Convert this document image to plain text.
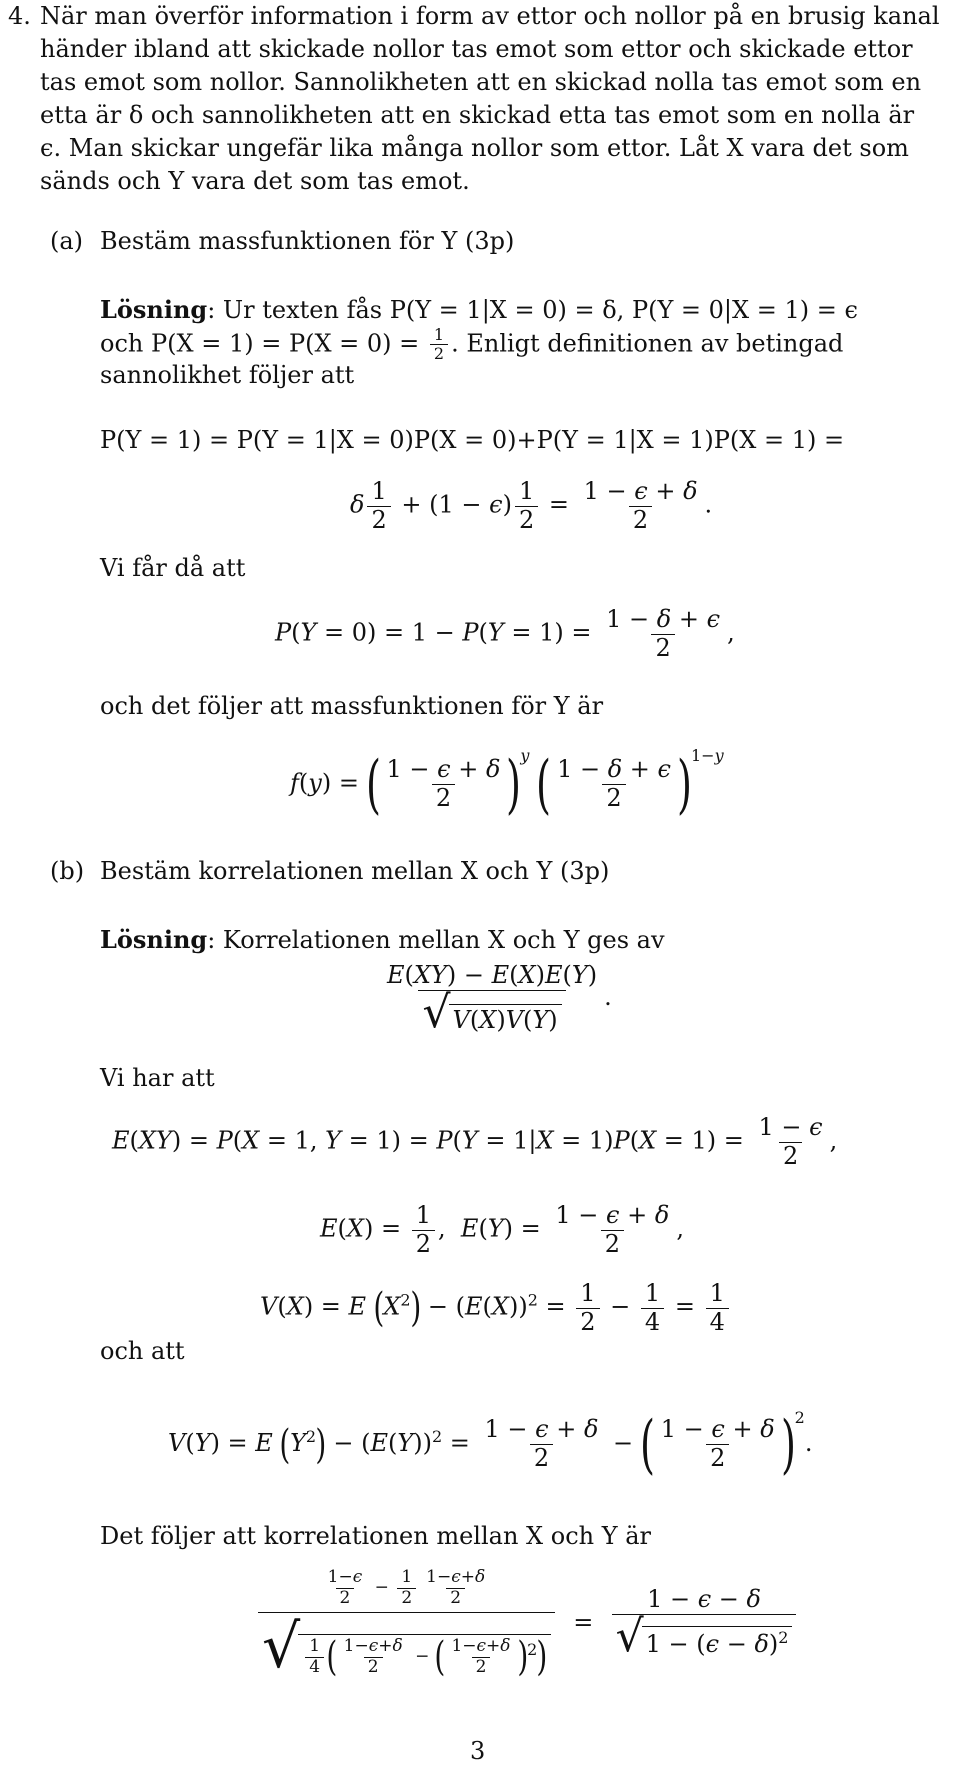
4. När man överför information i form av ettor och nollor på en brusig kanal
händer ibland att skickade nollor tas emot som ettor och skickade ettor
tas emot som nollor. Sannolikheten att en skickad nolla tas emot som en
etta är δ och sannolikheten att en skickad etta tas emot som en nolla är
ϵ. Man skickar ungefär lika många nollor som ettor. Låt X vara det som
sänds och Y vara det som tas emot.
(a) Bestäm massfunktionen för Y (3p)
Lösning: Ur texten fås P(Y = 1|X = 0) = δ, P(Y = 0|X = 1) = ϵ
och $P(X = 1) = P(X = 0) = \frac{1}{2}$ . Enligt definitionen av betingad
sannolikhet följer att
P(Y = 1) = P(Y = 1|X = 0)P(X = 0)+P(Y = 1|X = 1)P(X = 1) =
δ $\frac{1}{2} + (1 - \epsilon) \frac{1}{2} = \frac{1 - \epsilon + \delta}{2}$ .
Vi får då att
$P(Y = 0) = 1 - P(Y = 1) = \frac{1 - \delta + \epsilon}{2}$ ,
och det följer att massfunktionen för Y är
f(y) = ( $\frac{1 - \epsilon + \delta}{2} )^y$ ( $\frac{1 - \delta + \epsilon}{2} )^{1-y}$
(b) Bestäm korrelationen mellan X och Y (3p)
Lösning: Korrelationen mellan X och Y ges av
$\frac{E(XY) - E(X)E(Y)}{√ V(X)V(Y)}$ .
Vi har att
E(XY) = P(X = 1, $Y = 1) = P(Y = 1|X = 1)P(X = 1) = \frac{1 - \epsilon}{2}$ ,
$E(X) = \frac{1}{2}$ ,  $E(Y) = \frac{1 - \epsilon + \delta}{2}$ ,
V(X) = E $(X^2) - (E(X))^2 = \frac{1}{2} - \frac{1}{4} = \frac{1}{4}$
och att
V(Y) = E $(Y^2) - (E(Y))^2 = \frac{1 - \epsilon + \delta}{2}$ − ( $\frac{1 - \epsilon + \delta}{2} )^2$.
Det följer att korrelationen mellan X och Y är
$\frac{\frac{1-\epsilon}{2} - \frac{1}{2} \frac{1-\epsilon+\delta}{2}}{√ \frac{1}{4} ( \frac{1-\epsilon+\delta}{2} - ( \frac{1-\epsilon+\delta}{2} )^2)} = \frac{1 - \epsilon - \delta}{√ 1 - (\epsilon - \delta)^2}$
3
